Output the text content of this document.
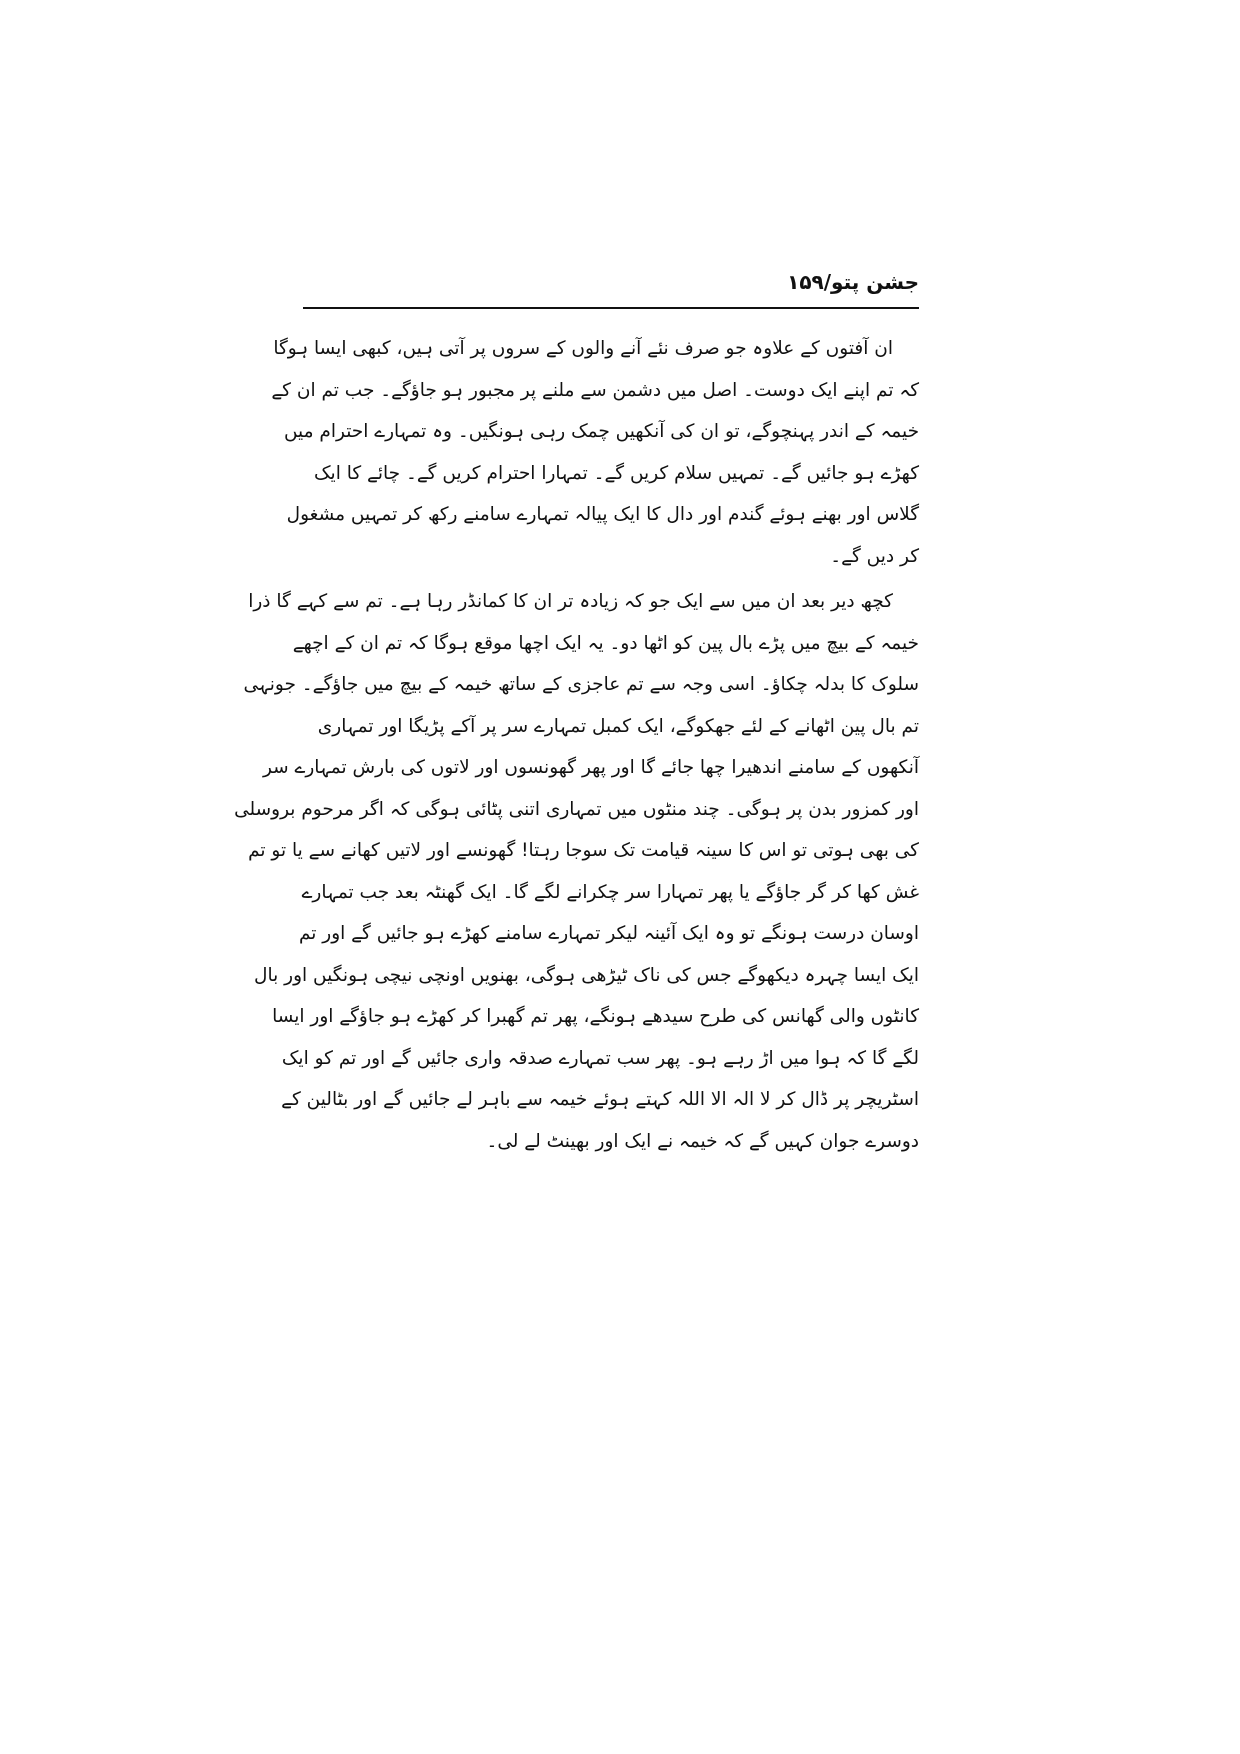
جشن پتو/۱۵۹
ان آفتوں کے علاوہ جو صرف نئے آنے والوں کے سروں پر آتی ہیں، کبھی ایسا ہوگا
کہ تم اپنے ایک دوست۔ اصل میں دشمن سے ملنے پر مجبور ہو جاؤگے۔ جب تم ان کے
خیمہ کے اندر پہنچوگے، تو ان کی آنکھیں چمک رہی ہونگیں۔ وہ تمہارے احترام میں
کھڑے ہو جائیں گے۔ تمہیں سلام کریں گے۔ تمہارا احترام کریں گے۔ چائے کا ایک
گلاس اور بھنے ہوئے گندم اور دال کا ایک پیالہ تمہارے سامنے رکھ کر تمہیں مشغول
کر دیں گے۔
کچھ دیر بعد ان میں سے ایک جو کہ زیادہ تر ان کا کمانڈر رہا ہے۔ تم سے کہے گا ذرا
خیمہ کے بیچ میں پڑے بال پین کو اٹھا دو۔ یہ ایک اچھا موقع ہوگا کہ تم ان کے اچھے
سلوک کا بدلہ چکاؤ۔ اسی وجہ سے تم عاجزی کے ساتھ خیمہ کے بیچ میں جاؤگے۔ جونہی
تم بال پین اٹھانے کے لئے جھکوگے، ایک کمبل تمہارے سر پر آکے پڑیگا اور تمہاری
آنکھوں کے سامنے اندھیرا چھا جائے گا اور پھر گھونسوں اور لاتوں کی بارش تمہارے سر
اور کمزور بدن پر ہوگی۔ چند منٹوں میں تمہاری اتنی پٹائی ہوگی کہ اگر مرحوم بروسلی
کی بھی ہوتی تو اس کا سینہ قیامت تک سوجا رہتا! گھونسے اور لاتیں کھانے سے یا تو تم
غش کھا کر گر جاؤگے یا پھر تمہارا سر چکرانے لگے گا۔ ایک گھنٹہ بعد جب تمہارے
اوسان درست ہونگے تو وہ ایک آئینہ لیکر تمہارے سامنے کھڑے ہو جائیں گے اور تم
ایک ایسا چہرہ دیکھوگے جس کی ناک ٹیڑھی ہوگی، بھنویں اونچی نیچی ہونگیں اور بال
کانٹوں والی گھانس کی طرح سیدھے ہونگے، پھر تم گھبرا کر کھڑے ہو جاؤگے اور ایسا
لگے گا کہ ہوا میں اڑ رہے ہو۔ پھر سب تمہارے صدقہ واری جائیں گے اور تم کو ایک
اسٹریچر پر ڈال کر لا الہ الا اللہ کہتے ہوئے خیمہ سے باہر لے جائیں گے اور بٹالین کے
دوسرے جوان کہیں گے کہ خیمہ نے ایک اور بھینٹ لے لی۔
